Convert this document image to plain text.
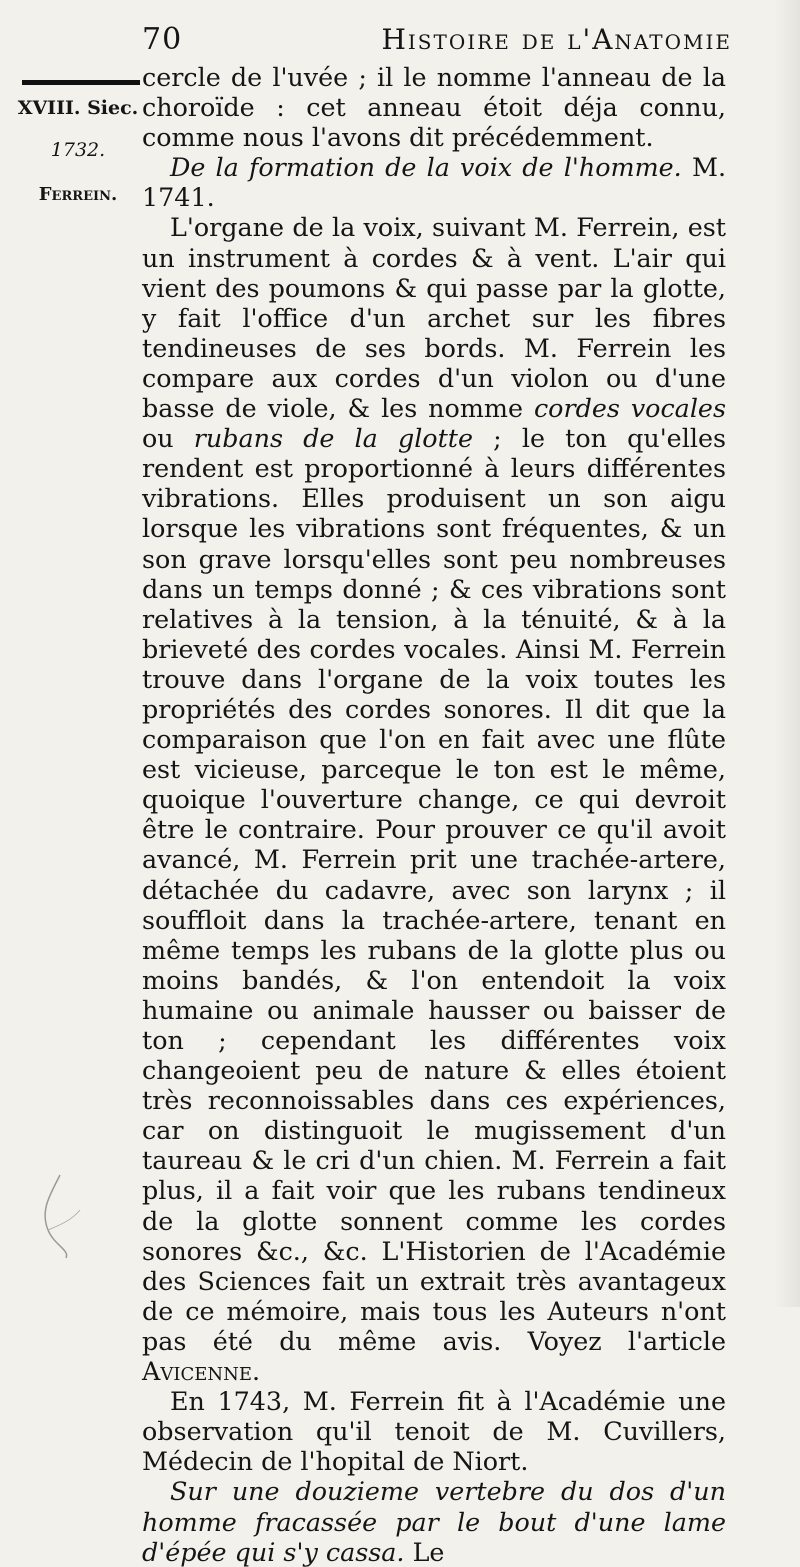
70	Histoire de l'Anatomie
XVIII. Siec.
1732.
Ferrein.

cercle de l'uvée ; il le nomme l'anneau de la choroïde : cet anneau étoit déja connu, comme nous l'avons dit précédemment.

De la formation de la voix de l'homme. M. 1741.

L'organe de la voix, suivant M. Ferrein, est un instrument à cordes & à vent. L'air qui vient des poumons & qui passe par la glotte, y fait l'office d'un archet sur les fibres tendineuses de ses bords. M. Ferrein les compare aux cordes d'un violon ou d'une basse de viole, & les nomme cordes vocales ou rubans de la glotte ; le ton qu'elles rendent est proportionné à leurs différentes vibrations. Elles produisent un son aigu lorsque les vibrations sont fréquentes, & un son grave lorsqu'elles sont peu nombreuses dans un temps donné ; & ces vibrations sont relatives à la tension, à la ténuité, & à la brieveté des cordes vocales. Ainsi M. Ferrein trouve dans l'organe de la voix toutes les propriétés des cordes sonores. Il dit que la comparaison que l'on en fait avec une flûte est vicieuse, parceque le ton est le même, quoique l'ouverture change, ce qui devroit être le contraire. Pour prouver ce qu'il avoit avancé, M. Ferrein prit une trachée-artere, détachée du cadavre, avec son larynx ; il souffloit dans la trachée-artere, tenant en même temps les rubans de la glotte plus ou moins bandés, & l'on entendoit la voix humaine ou animale hausser ou baisser de ton ; cependant les différentes voix changeoient peu de nature & elles étoient très reconnoissables dans ces expériences, car on distinguoit le mugissement d'un taureau & le cri d'un chien. M. Ferrein a fait plus, il a fait voir que les rubans tendineux de la glotte sonnent comme les cordes sonores &c., &c. L'Historien de l'Académie des Sciences fait un extrait très avantageux de ce mémoire, mais tous les Auteurs n'ont pas été du même avis. Voyez l'article Avicenne.

En 1743, M. Ferrein fit à l'Académie une observation qu'il tenoit de M. Cuvillers, Médecin de l'hopital de Niort.

Sur une douzieme vertebre du dos d'un homme fracassée par le bout d'une lame d'épée qui s'y cassa. Le
